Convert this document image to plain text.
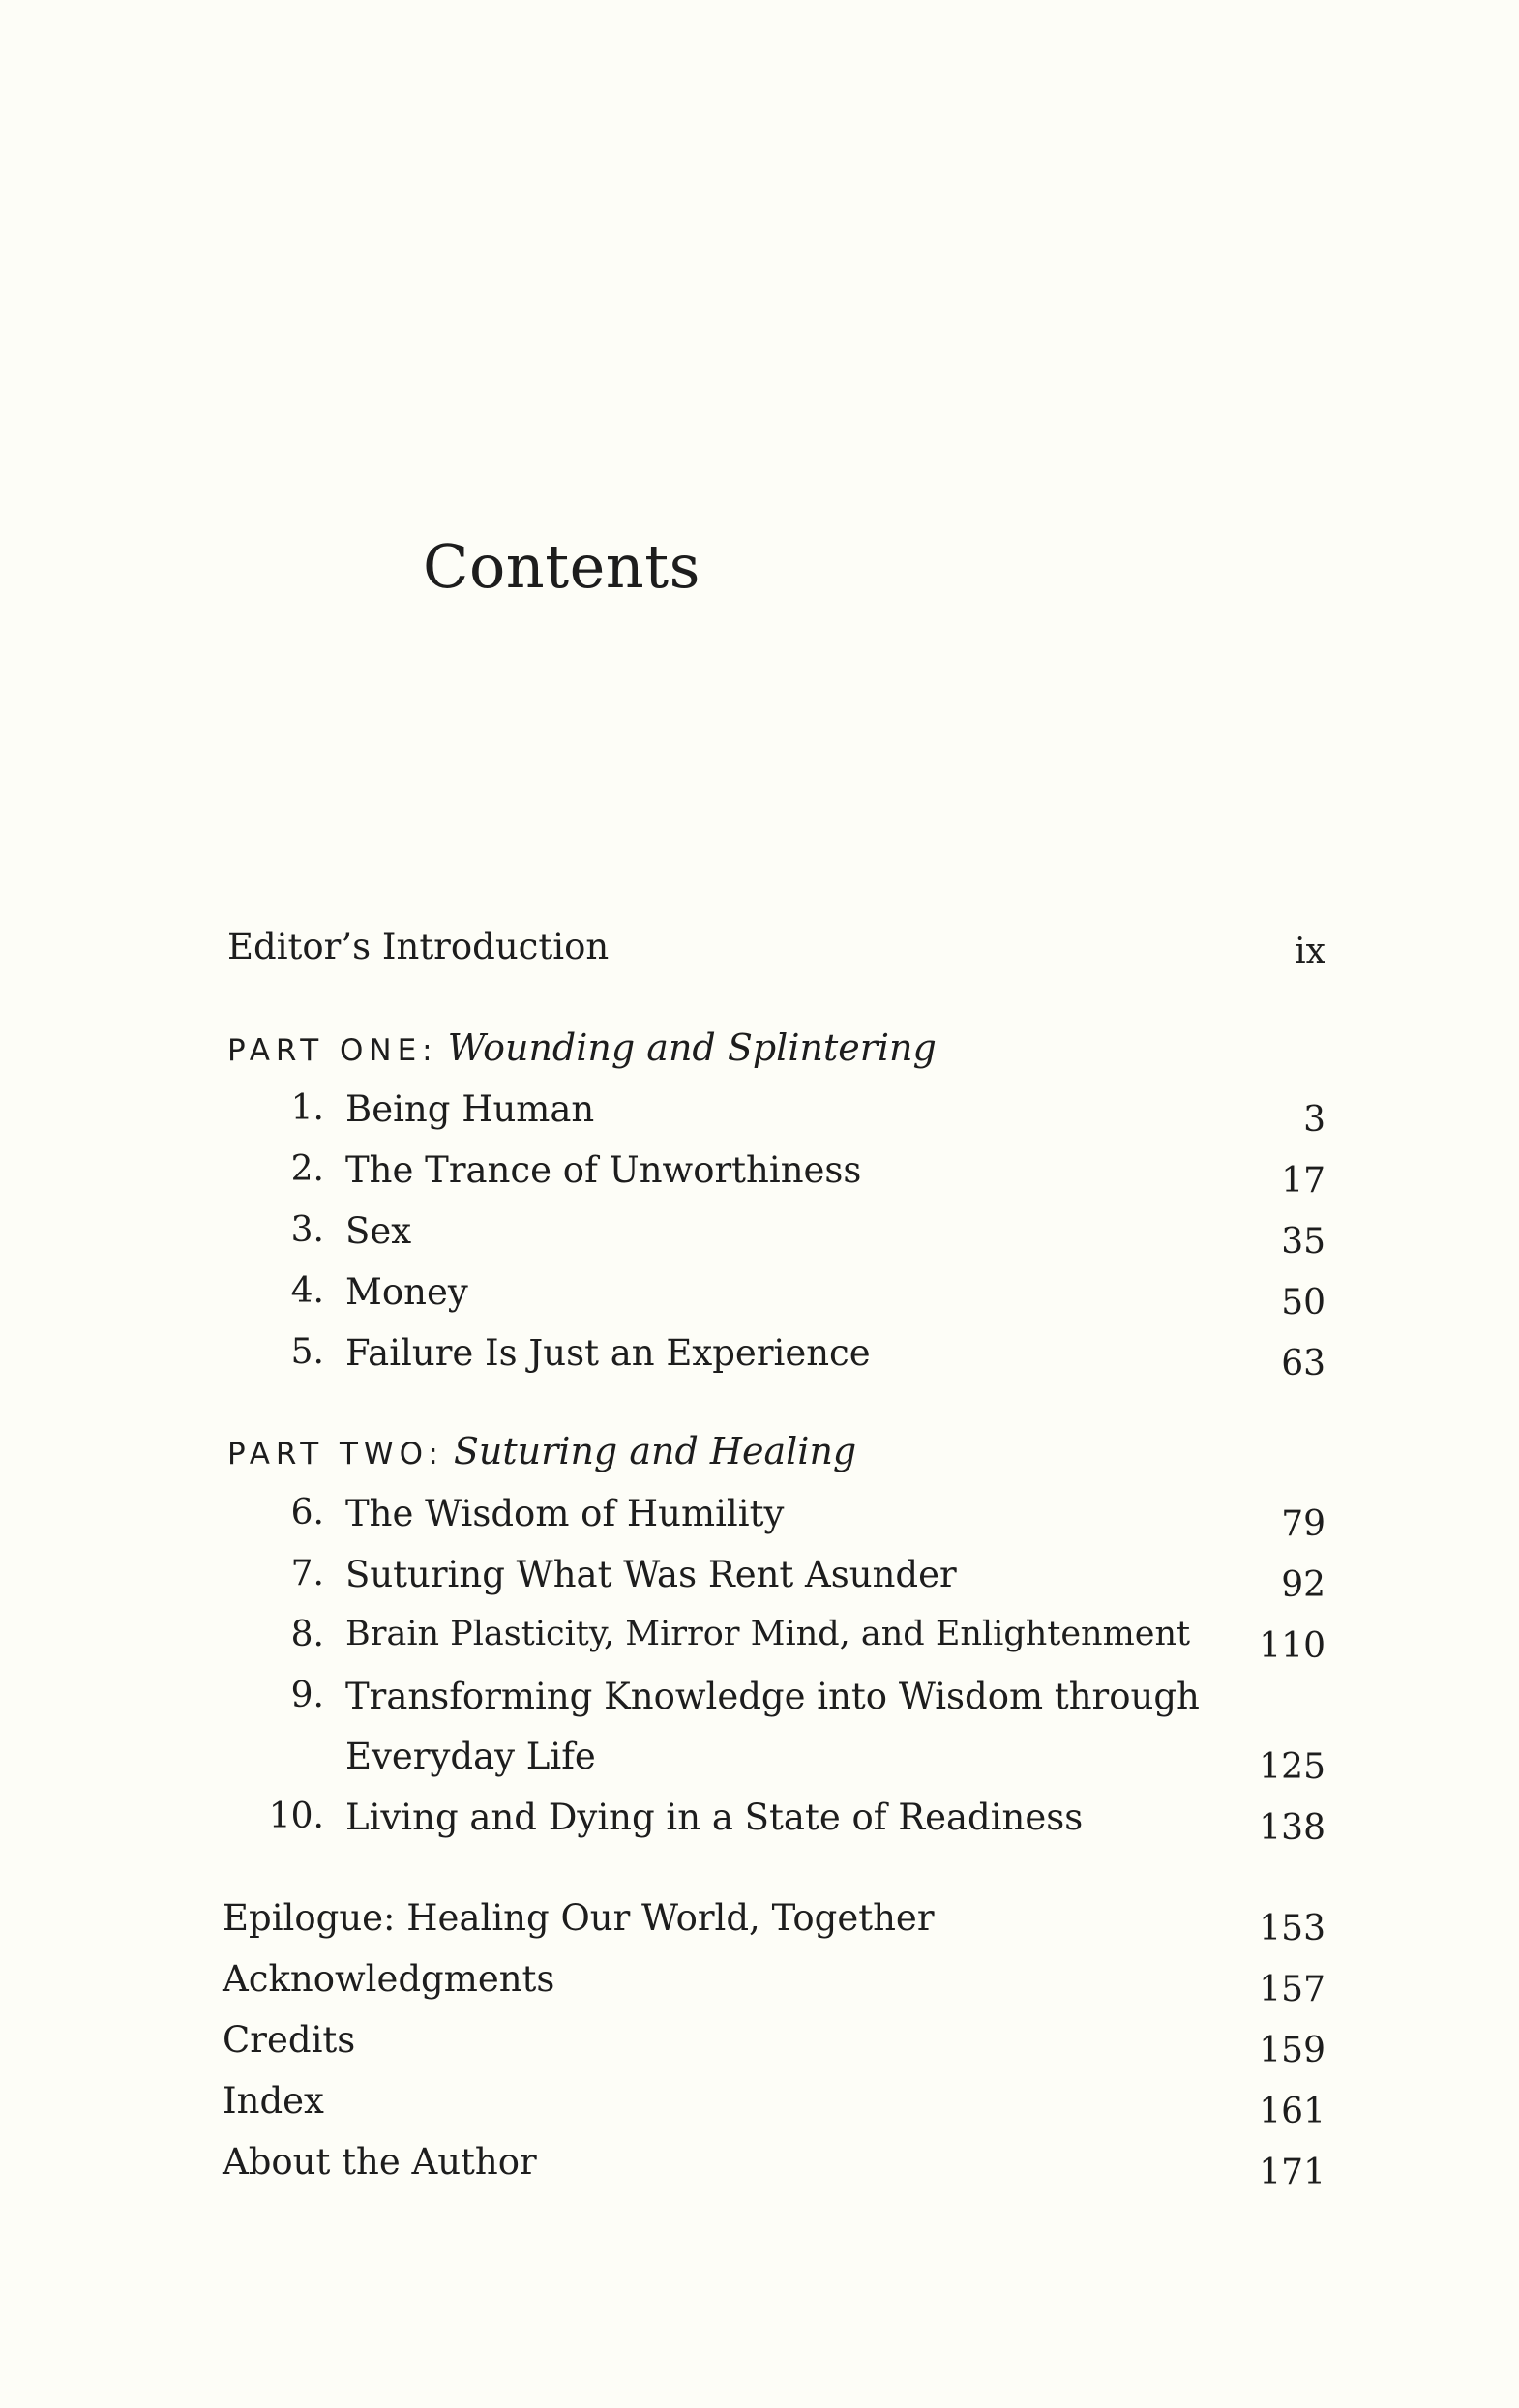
Contents
Editor’s Introduction	ix
PART ONE: Wounding and Splintering
1. Being Human	3
2. The Trance of Unworthiness	17
3. Sex	35
4. Money	50
5. Failure Is Just an Experience	63
PART TWO: Suturing and Healing
6. The Wisdom of Humility	79
7. Suturing What Was Rent Asunder	92
8. Brain Plasticity, Mirror Mind, and Enlightenment 110
9. Transforming Knowledge into Wisdom through
Everyday Life	125
10. Living and Dying in a State of Readiness	138
Epilogue: Healing Our World, Together	153
Acknowledgments	157
Credits	159
Index	161
About the Author	171
